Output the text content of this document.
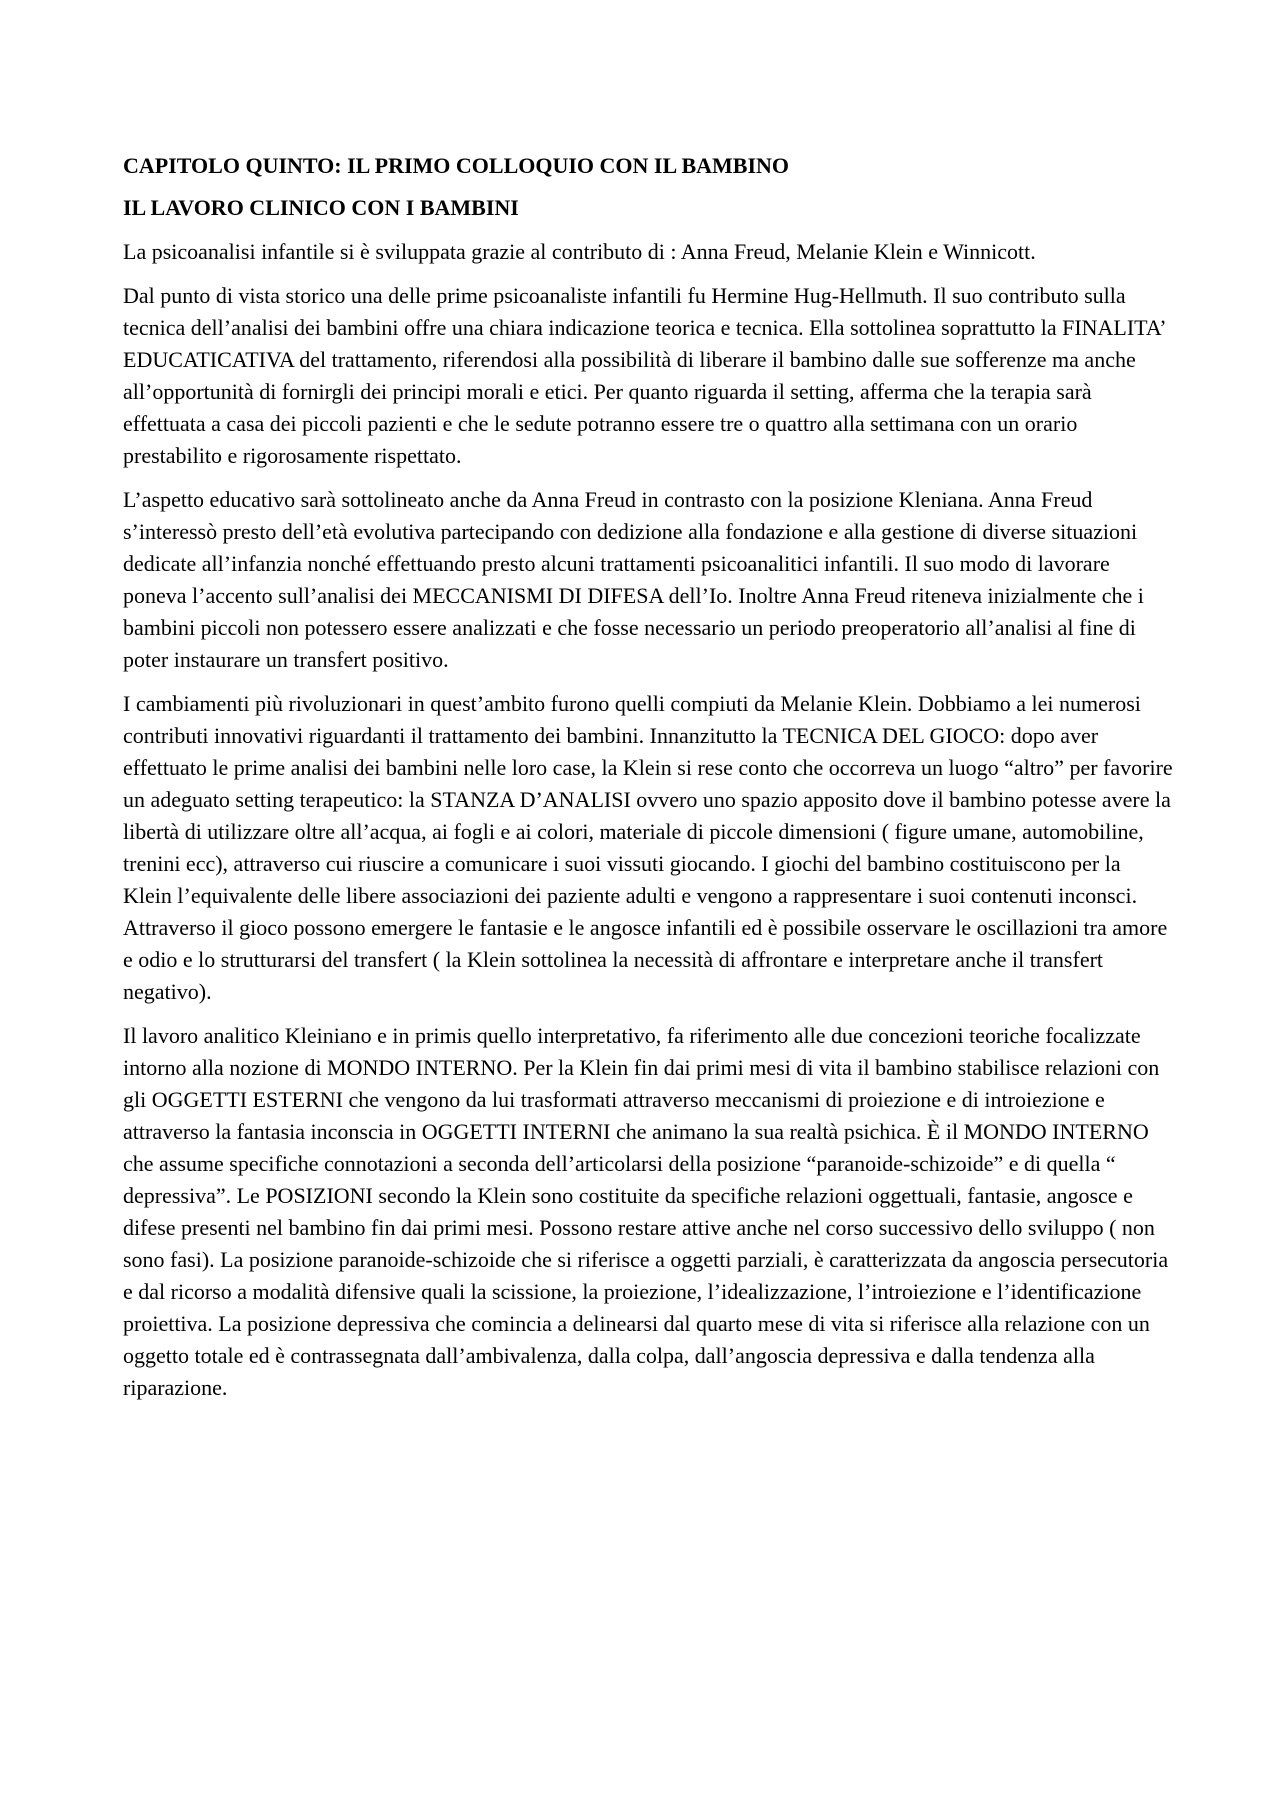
CAPITOLO QUINTO: IL PRIMO COLLOQUIO CON IL BAMBINO

IL LAVORO CLINICO CON I BAMBINI

La psicoanalisi infantile si è sviluppata grazie al contributo di : Anna Freud, Melanie Klein e Winnicott.

Dal punto di vista storico una delle prime psicoanaliste infantili fu Hermine Hug-Hellmuth. Il suo contributo sulla tecnica dell’analisi dei bambini offre una chiara indicazione teorica e tecnica. Ella sottolinea soprattutto la FINALITA’ EDUCATICATIVA del trattamento, riferendosi alla possibilità di liberare il bambino dalle sue sofferenze ma anche all’opportunità di fornirgli dei principi morali e etici. Per quanto riguarda il setting, afferma che la terapia sarà effettuata a casa dei piccoli pazienti e che le sedute potranno essere tre o quattro alla settimana con un orario prestabilito e rigorosamente rispettato.

L’aspetto educativo sarà sottolineato anche da Anna Freud in contrasto con la posizione Kleniana. Anna Freud s’interessò presto dell’età evolutiva partecipando con dedizione alla fondazione e alla gestione di diverse situazioni dedicate all’infanzia nonché effettuando presto alcuni trattamenti psicoanalitici infantili. Il suo modo di lavorare poneva l’accento sull’analisi dei MECCANISMI DI DIFESA dell’Io. Inoltre Anna Freud riteneva inizialmente che i bambini piccoli non potessero essere analizzati e che fosse necessario un periodo preoperatorio all’analisi al fine di poter instaurare un transfert positivo.

I cambiamenti più rivoluzionari in quest’ambito furono quelli compiuti da Melanie Klein. Dobbiamo a lei numerosi contributi innovativi riguardanti il trattamento dei bambini. Innanzitutto la TECNICA DEL GIOCO: dopo aver effettuato le prime analisi dei bambini nelle loro case, la Klein si rese conto che occorreva un luogo “altro” per favorire un adeguato setting terapeutico: la STANZA D’ANALISI ovvero uno spazio apposito dove il bambino potesse avere la libertà di utilizzare oltre all’acqua, ai fogli e ai colori, materiale di piccole dimensioni ( figure umane, automobiline, trenini ecc), attraverso cui riuscire a comunicare i suoi vissuti giocando. I giochi del bambino costituiscono per la Klein l’equivalente delle libere associazioni dei paziente adulti e vengono a rappresentare i suoi contenuti inconsci. Attraverso il gioco possono emergere le fantasie e le angosce infantili ed è possibile osservare le oscillazioni tra amore e odio e lo strutturarsi del transfert ( la Klein sottolinea la necessità di affrontare e interpretare anche il transfert negativo).

Il lavoro analitico Kleiniano e in primis quello interpretativo, fa riferimento alle due concezioni teoriche focalizzate intorno alla nozione di MONDO INTERNO. Per la Klein fin dai primi mesi di vita il bambino stabilisce relazioni con gli OGGETTI ESTERNI che vengono da lui trasformati attraverso meccanismi di proiezione e di introiezione e attraverso la fantasia inconscia in OGGETTI INTERNI che animano la sua realtà psichica. È il MONDO INTERNO che assume specifiche connotazioni a seconda dell’articolarsi della posizione “paranoide-schizoide” e di quella “ depressiva”. Le POSIZIONI secondo la Klein sono costituite da specifiche relazioni oggettuali, fantasie, angosce e difese presenti nel bambino fin dai primi mesi. Possono restare attive anche nel corso successivo dello sviluppo ( non sono fasi). La posizione paranoide-schizoide che si riferisce a oggetti parziali, è caratterizzata da angoscia persecutoria e dal ricorso a modalità difensive quali la scissione, la proiezione, l’idealizzazione, l’introiezione e l’identificazione proiettiva. La posizione depressiva che comincia a delinearsi dal quarto mese di vita si riferisce alla relazione con un oggetto totale ed è contrassegnata dall’ambivalenza, dalla colpa, dall’angoscia depressiva e dalla tendenza alla riparazione.
